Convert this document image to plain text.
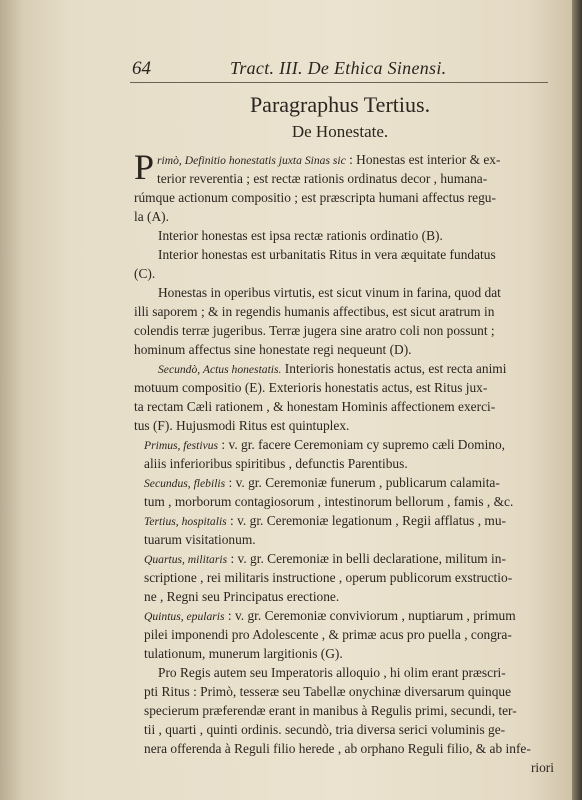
64	Tract. III. De Ethica Sinensi.
Paragraphus Tertius.
De Honestate.
P rimò, Definitio honestatis juxta Sinas sic : Honestas est interior & ex-
terior reverentia ; est rectæ rationis ordinatus decor , humana-
rúmque actionum compositio ; est præscripta humani affectus regu-
la (A).
Interior honestas est ipsa rectæ rationis ordinatio (B).
Interior honestas est urbanitatis Ritus in vera æquitate fundatus
(C).
Honestas in operibus virtutis, est sicut vinum in farina, quod dat
illi saporem ; & in regendis humanis affectibus, est sicut aratrum in
colendis terræ jugeribus. Terræ jugera sine aratro coli non possunt ;
hominum affectus sine honestate regi nequeunt (D).
Secundò, Actus honestatis. Interioris honestatis actus, est recta animi
motuum compositio (E). Exterioris honestatis actus, est Ritus jux-
ta rectam Cæli rationem , & honestam Hominis affectionem exerci-
tus (F). Hujusmodi Ritus est quintuplex.
Primus, festivus : v. gr. facere Ceremoniam cy supremo cæli Domino,
aliis inferioribus spiritibus , defunctis Parentibus.
Secundus, flebilis : v. gr. Ceremoniæ funerum , publicarum calamita-
tum , morborum contagiosorum , intestinorum bellorum , famis , &c.
Tertius, hospitalis : v. gr. Ceremoniæ legationum , Regii afflatus , mu-
tuarum visitationum.
Quartus, militaris : v. gr. Ceremoniæ in belli declaratione, militum in-
scriptione , rei militaris instructione , operum publicorum exstructio-
ne , Regni seu Principatus erectione.
Quintus, epularis : v. gr. Ceremoniæ conviviorum , nuptiarum , primum
pilei imponendi pro Adolescente , & primæ acus pro puella , congra-
tulationum, munerum largitionis (G).
Pro Regis autem seu Imperatoris alloquio , hi olim erant præscri-
pti Ritus : Primò, tesseræ seu Tabellæ onychinæ diversarum quinque
specierum præferendæ erant in manibus à Regulis primi, secundi, ter-
tii , quarti , quinti ordinis. secundò, tria diversa serici voluminis ge-
nera offerenda à Reguli filio herede , ab orphano Reguli filio, & ab infe-
riori
